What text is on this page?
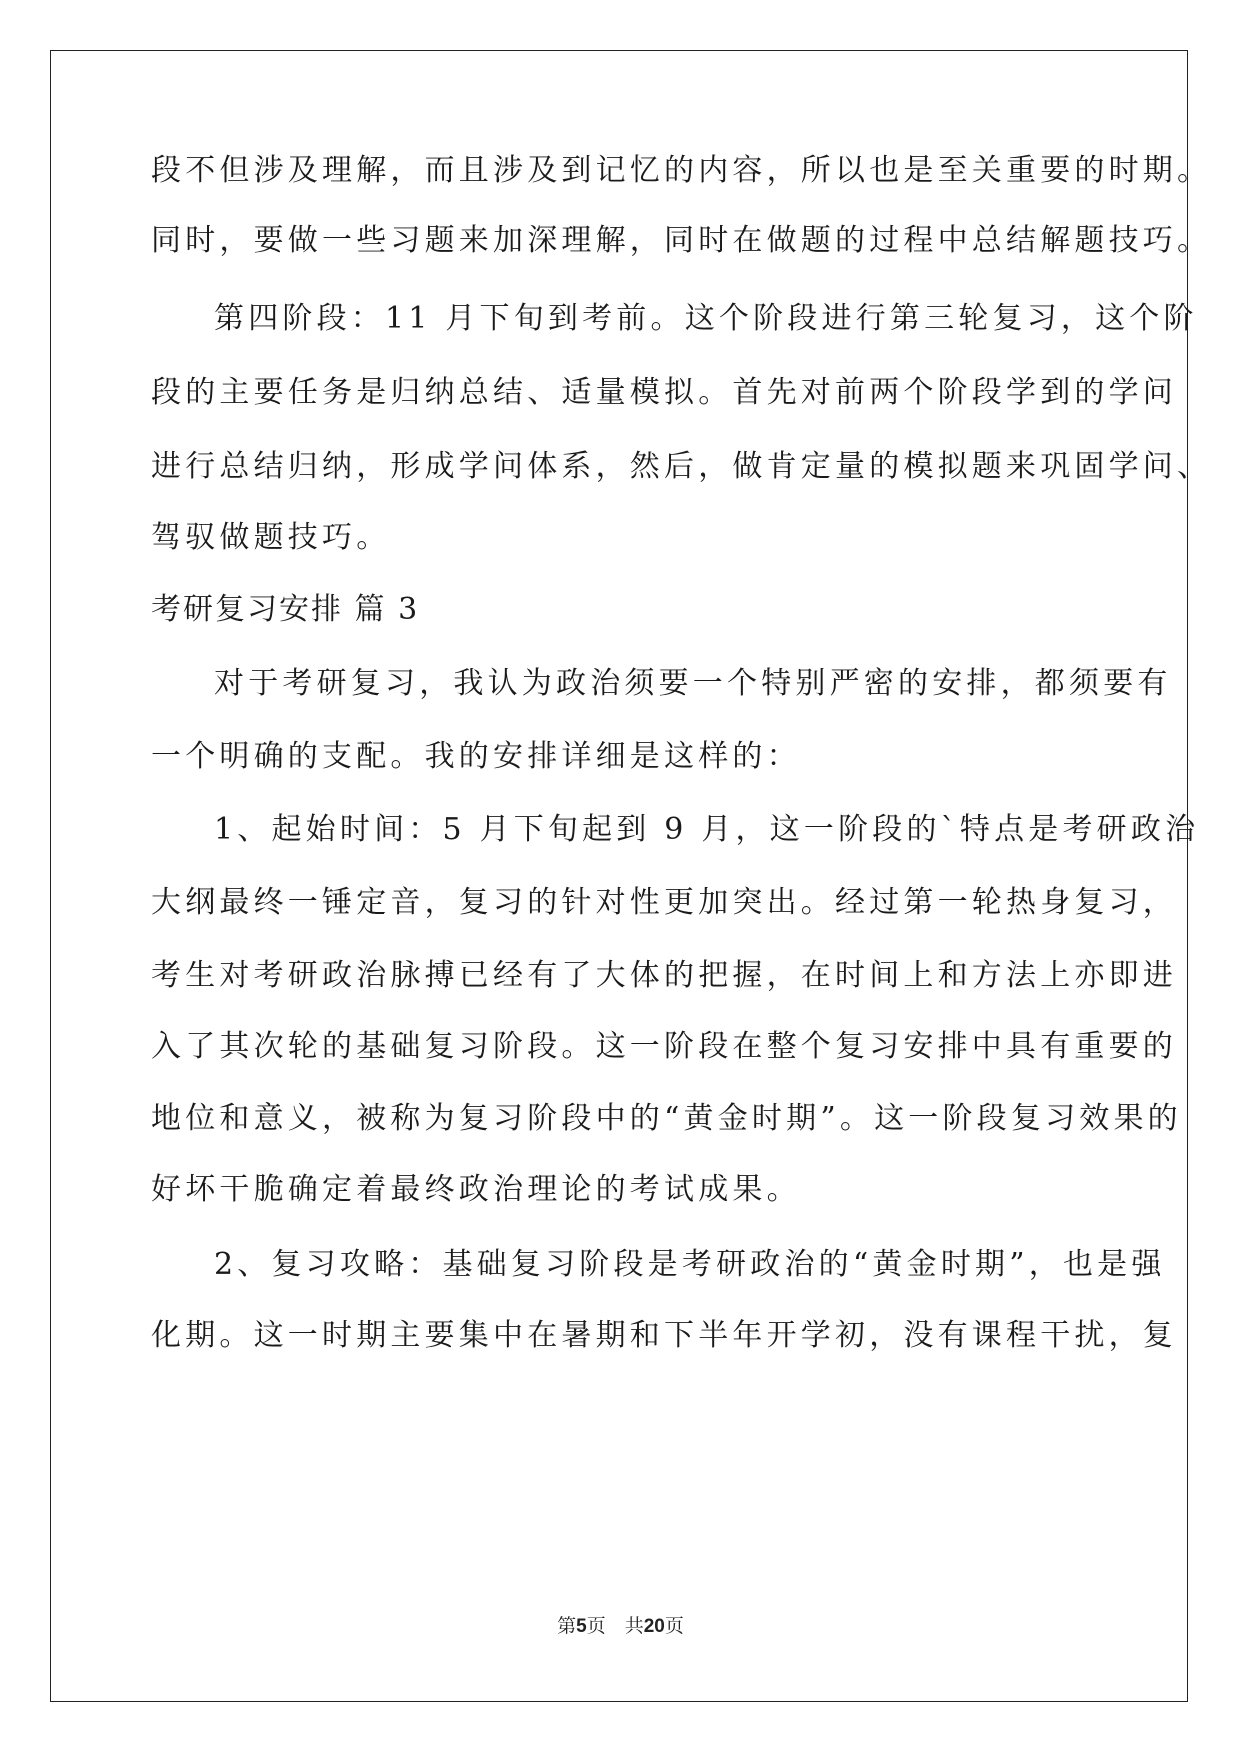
段不但涉及理解，而且涉及到记忆的内容，所以也是至关重要的时期。
同时，要做一些习题来加深理解，同时在做题的过程中总结解题技巧。
第四阶段：11 月下旬到考前。这个阶段进行第三轮复习，这个阶
段的主要任务是归纳总结、适量模拟。首先对前两个阶段学到的学问
进行总结归纳，形成学问体系，然后，做肯定量的模拟题来巩固学问、
驾驭做题技巧。
考研复习安排 篇 3
对于考研复习，我认为政治须要一个特别严密的安排，都须要有
一个明确的支配。我的安排详细是这样的：
1、起始时间：5 月下旬起到 9 月，这一阶段的`特点是考研政治
大纲最终一锤定音，复习的针对性更加突出。经过第一轮热身复习，
考生对考研政治脉搏已经有了大体的把握，在时间上和方法上亦即进
入了其次轮的基础复习阶段。这一阶段在整个复习安排中具有重要的
地位和意义，被称为复习阶段中的“黄金时期”。这一阶段复习效果的
好坏干脆确定着最终政治理论的考试成果。
2、复习攻略：基础复习阶段是考研政治的“黄金时期”，也是强
化期。这一时期主要集中在暑期和下半年开学初，没有课程干扰，复
第5页　共20页
